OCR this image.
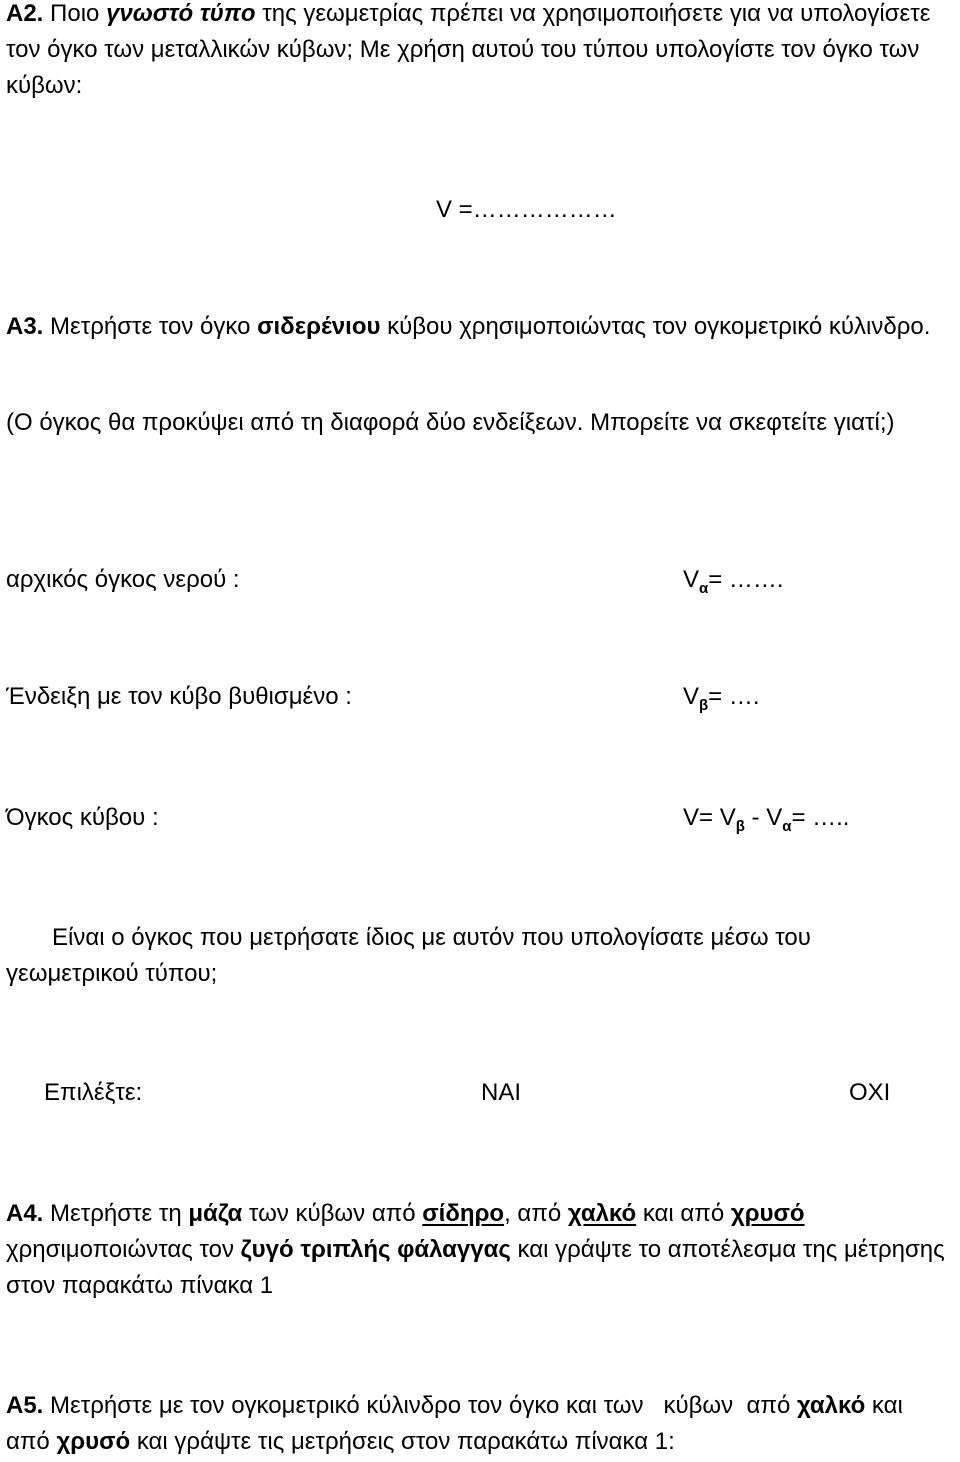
A2. Ποιο γνωστό τύπο της γεωμετρίας πρέπει να χρησιμοποιήσετε για να υπολογίσετε τον όγκο των μεταλλικών κύβων; Με χρήση αυτού του τύπου υπολογίστε τον όγκο των κύβων:
V =………………
A3. Μετρήστε τον όγκο σιδερένιου κύβου χρησιμοποιώντας τον ογκομετρικό κύλινδρο.
(Ο όγκος θα προκύψει από τη διαφορά δύο ενδείξεων. Μπορείτε να σκεφτείτε γιατί;)
αρχικός όγκος νερού :	$V_\alpha=$ …….
Ένδειξη με τον κύβο βυθισμένο :	$V_\beta=$ ….
Όγκος κύβου :	$V= V_\beta - V_\alpha=$ …..
Είναι ο όγκος που μετρήσατε ίδιος με αυτόν που υπολογίσατε μέσω του γεωμετρικού τύπου;
Επιλέξτε:	ΝΑΙ	ΟΧΙ
A4. Μετρήστε τη μάζα των κύβων από σίδηρο, από χαλκό και από χρυσό χρησιμοποιώντας τον ζυγό τριπλής φάλαγγας και γράψτε το αποτέλεσμα της μέτρησης στον παρακάτω πίνακα 1
A5. Μετρήστε με τον ογκομετρικό κύλινδρο τον όγκο και των   κύβων  από χαλκό και από χρυσό και γράψτε τις μετρήσεις στον παρακάτω πίνακα 1:
